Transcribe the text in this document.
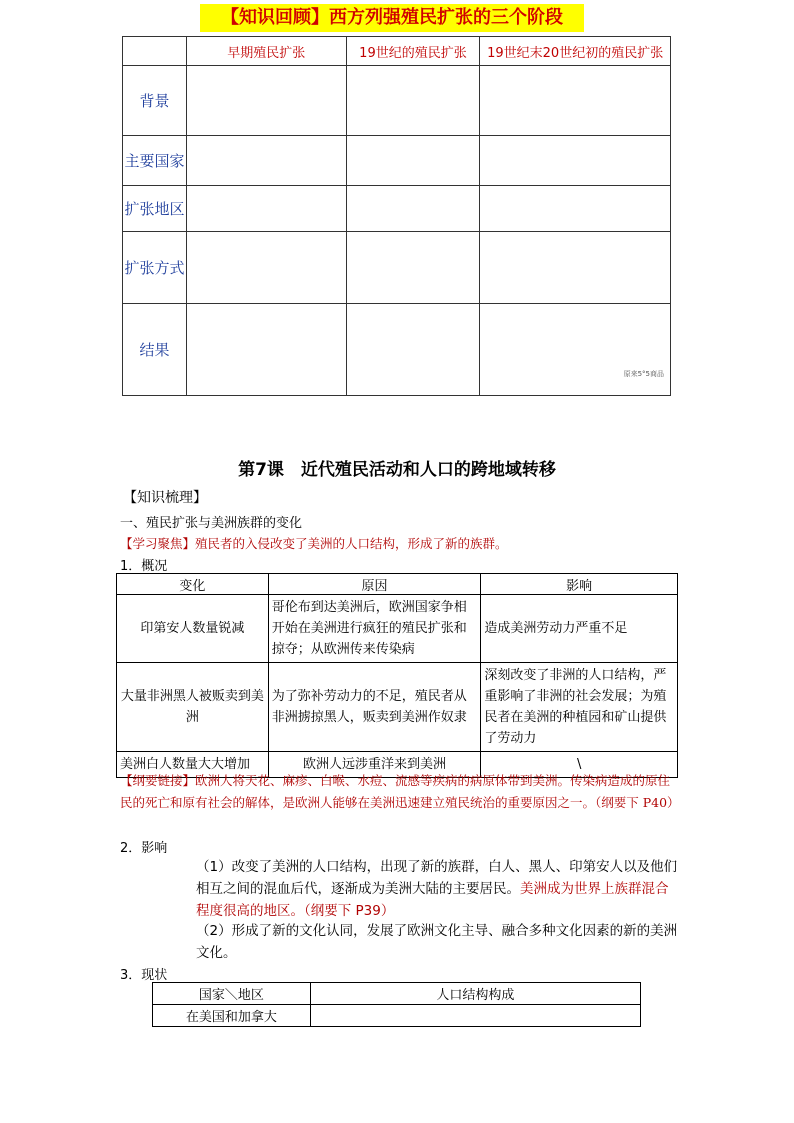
【知识回顾】西方列强殖民扩张的三个阶段
	早期殖民扩张	19世纪的殖民扩张	19世纪末20世纪初的殖民扩张
背景			
主要国家			
扩张地区			
扩张方式			
结果			原来5°5商品
第7课　近代殖民活动和人口的跨地域转移
【知识梳理】
一、殖民扩张与美洲族群的变化
【学习聚焦】殖民者的入侵改变了美洲的人口结构，形成了新的族群。
1．概况
变化	原因	影响
印第安人数量锐减	哥伦布到达美洲后，欧洲国家争相开始在美洲进行疯狂的殖民扩张和掠夺；从欧洲传来传染病	造成美洲劳动力严重不足
大量非洲黑人被贩卖到美洲	为了弥补劳动力的不足，殖民者从非洲掳掠黑人，贩卖到美洲作奴隶	深刻改变了非洲的人口结构，严重影响了非洲的社会发展；为殖民者在美洲的种植园和矿山提供了劳动力
美洲白人数量大大增加	欧洲人远涉重洋来到美洲	\
【纲要链接】欧洲人将天花、麻疹、白喉、水痘、流感等疾病的病原体带到美洲。传染病造成的原住民的死亡和原有社会的解体，是欧洲人能够在美洲迅速建立殖民统治的重要原因之一。（纲要下 P40）
2．影响
（1）改变了美洲的人口结构，出现了新的族群，白人、黑人、印第安人以及他们相互之间的混血后代，逐渐成为美洲大陆的主要居民。美洲成为世界上族群混合程度很高的地区。（纲要下 P39）
（2）形成了新的文化认同，发展了欧洲文化主导、融合多种文化因素的新的美洲文化。
3．现状
国家＼地区	人口结构构成
在美国和加拿大	
